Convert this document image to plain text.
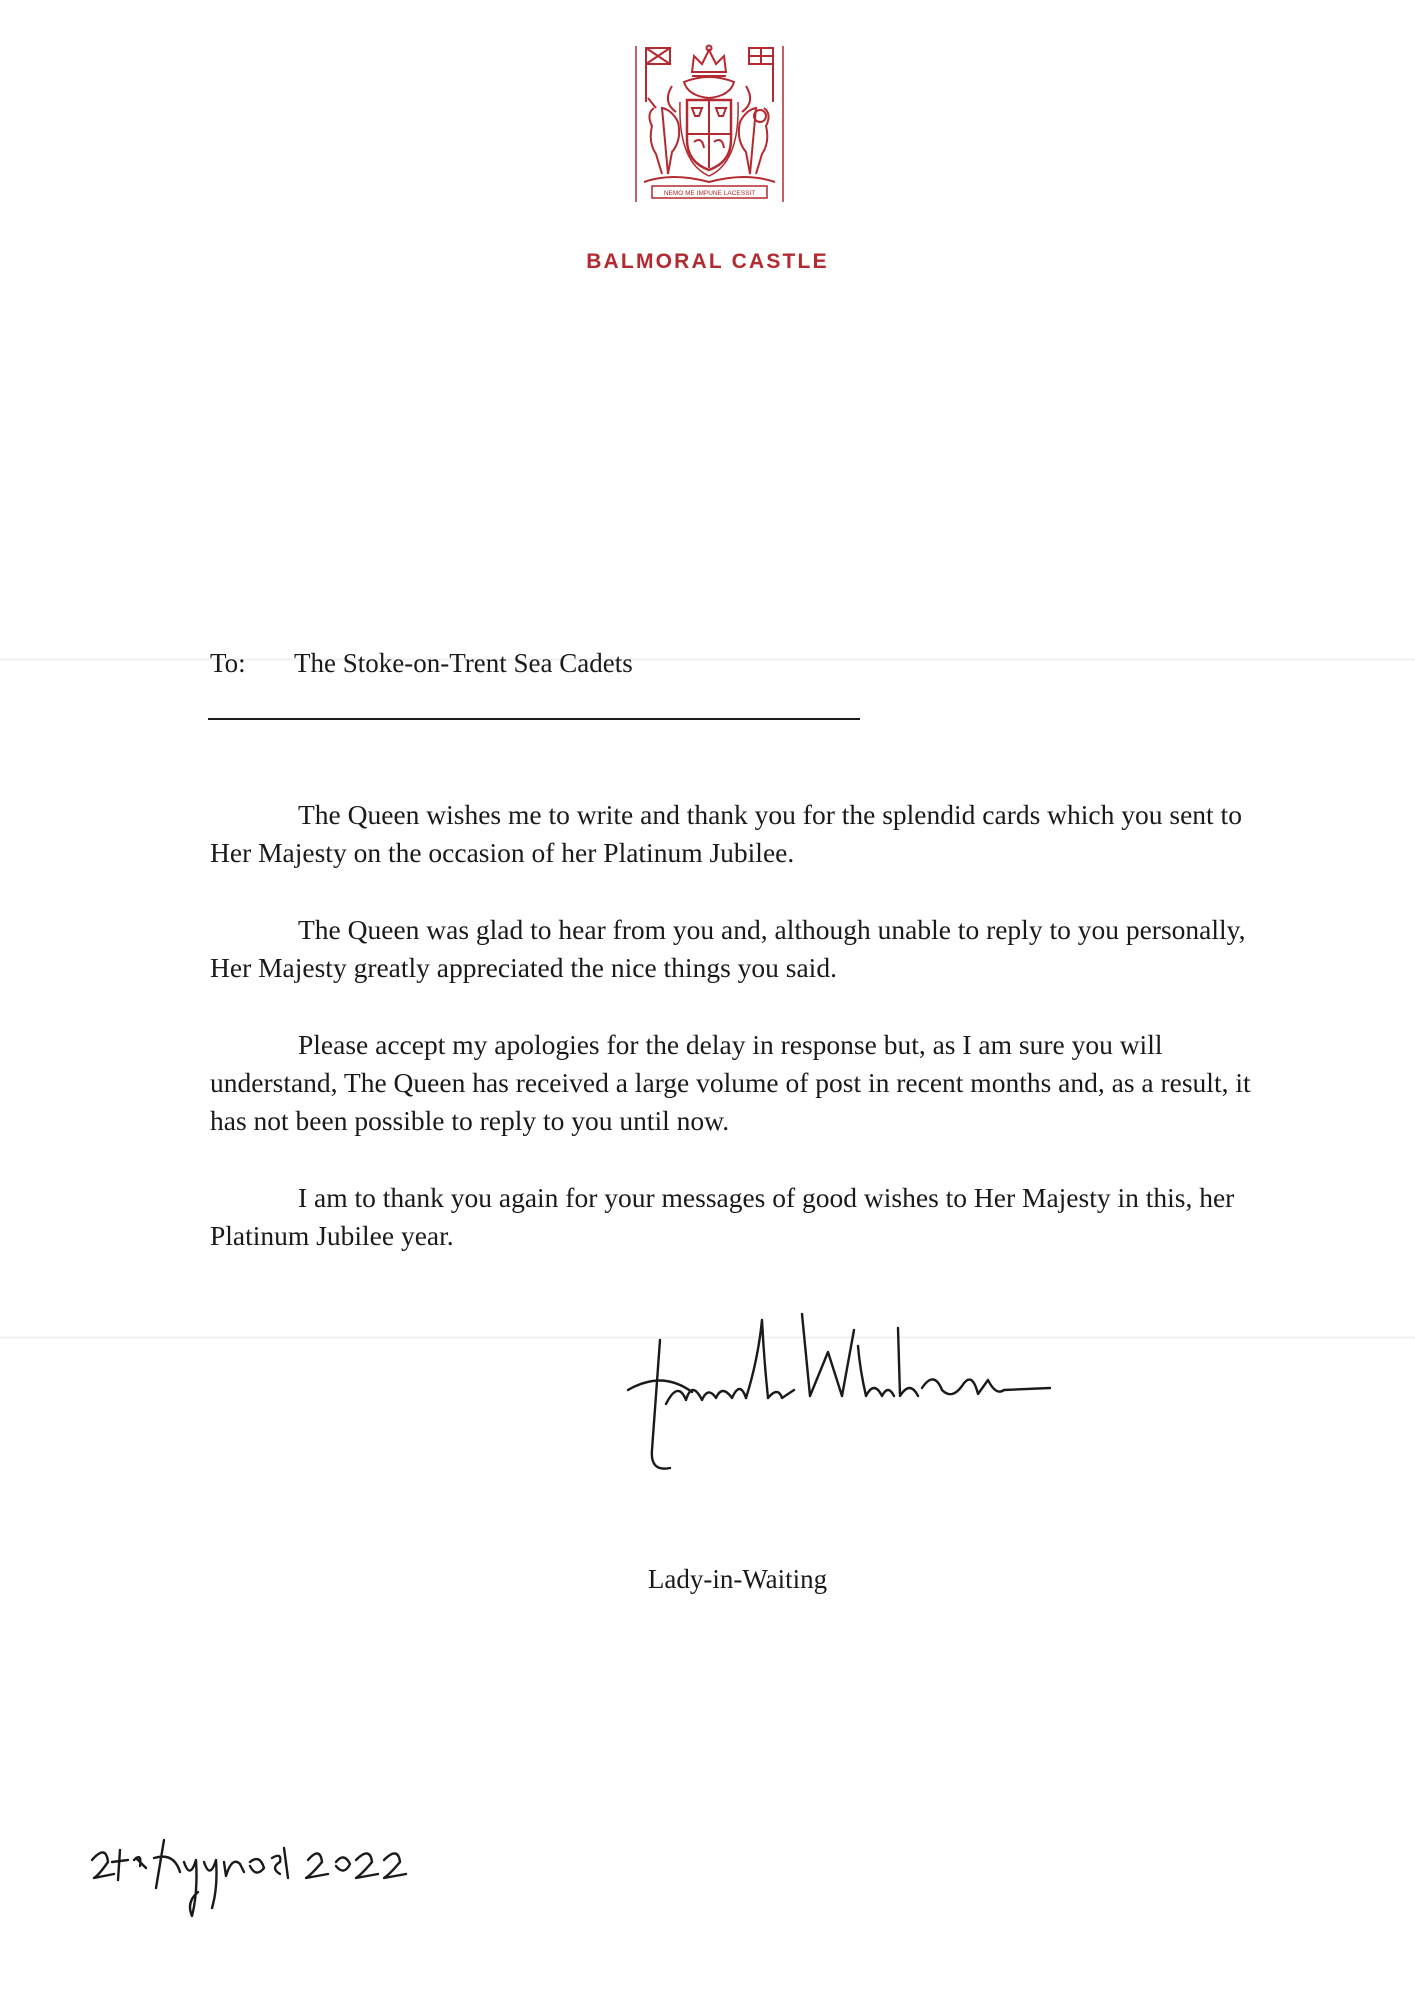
NEMO ME IMPUNE LACESSIT
BALMORAL CASTLE
To: The Stoke-on-Trent Sea Cadets

The Queen wishes me to write and thank you for the splendid cards which you sent to Her Majesty on the occasion of her Platinum Jubilee.

The Queen was glad to hear from you and, although unable to reply to you personally, Her Majesty greatly appreciated the nice things you said.

Please accept my apologies for the delay in response but, as I am sure you will understand, The Queen has received a large volume of post in recent months and, as a result, it has not been possible to reply to you until now.

I am to thank you again for your messages of good wishes to Her Majesty in this, her Platinum Jubilee year.

Lady-in-Waiting
